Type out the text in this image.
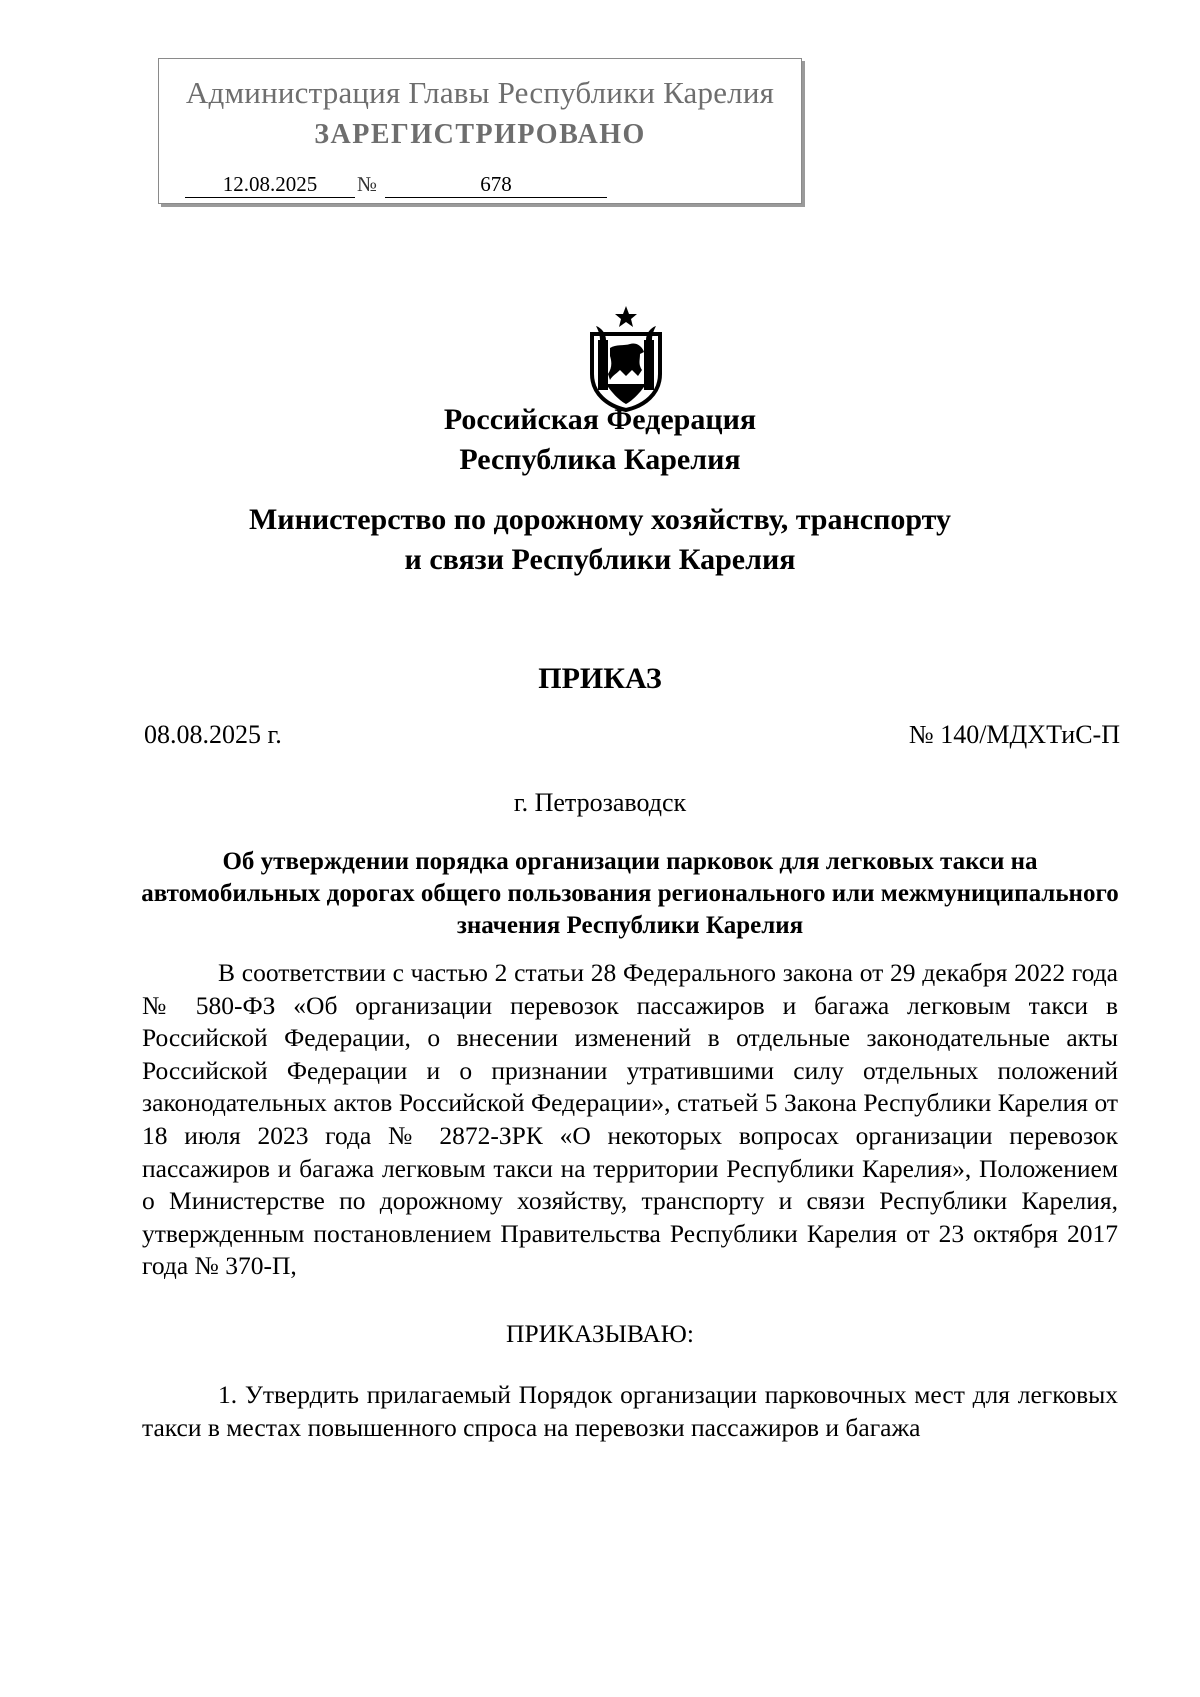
Администрация Главы Республики Карелия
ЗАРЕГИСТРИРОВАНО
12.08.2025	№	678
Российская Федерация
Республика Карелия
Министерство по дорожному хозяйству, транспорту
и связи Республики Карелия
ПРИКАЗ
08.08.2025 г.	№ 140/МДХТиС-П
г. Петрозаводск
Об утверждении порядка организации парковок для легковых такси на автомобильных дорогах общего пользования регионального или межмуниципального значения Республики Карелия

В соответствии с частью 2 статьи 28 Федерального закона от 29 декабря 2022 года № 580-ФЗ «Об организации перевозок пассажиров и багажа легковым такси в Российской Федерации, о внесении изменений в отдельные законодательные акты Российской Федерации и о признании утратившими силу отдельных положений законодательных актов Российской Федерации», статьей 5 Закона Республики Карелия от 18 июля 2023 года № 2872-ЗРК «О некоторых вопросах организации перевозок пассажиров и багажа легковым такси на территории Республики Карелия», Положением о Министерстве по дорожному хозяйству, транспорту и связи Республики Карелия, утвержденным постановлением Правительства Республики Карелия от 23 октября 2017 года № 370-П,

ПРИКАЗЫВАЮ:

1. Утвердить прилагаемый Порядок организации парковочных мест для легковых такси в местах повышенного спроса на перевозки пассажиров и багажа
